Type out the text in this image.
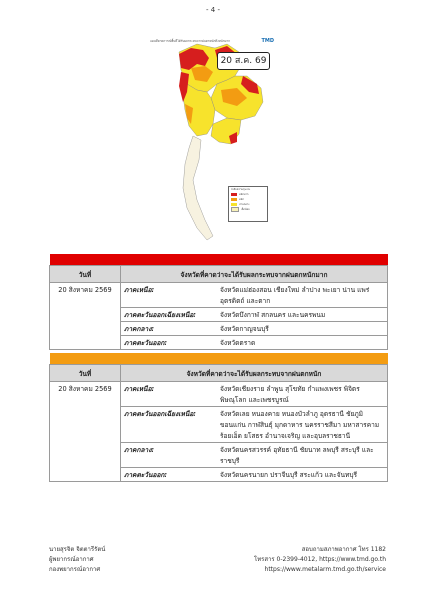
- 4 -
แผนที่คาดการณ์พื้นที่ได้รับผลกระทบจากฝนตกหนักถึงหนักมาก	TMD
20 ส.ค. 69
ระดับความรุนแรง
หนักมาก
หนัก
ปานกลาง
เล็กน้อย

วันที่	จังหวัดที่คาดว่าจะได้รับผลกระทบจากฝนตกหนักมาก	
20 สิงหาคม 2569	ภาคเหนือ:	จังหวัดแม่ฮ่องสอน เชียงใหม่ ลำปาง พะเยา น่าน แพร่ อุตรดิตถ์ และตาก
	ภาคตะวันออกเฉียงเหนือ:	จังหวัดบึงกาฬ สกลนคร และนครพนม
	ภาคกลาง:	จังหวัดกาญจนบุรี
	ภาคตะวันออก:	จังหวัดตราด

วันที่	จังหวัดที่คาดว่าจะได้รับผลกระทบจากฝนตกหนัก	
20 สิงหาคม 2569	ภาคเหนือ:	จังหวัดเชียงราย ลำพูน สุโขทัย กำแพงเพชร พิจิตร พิษณุโลก และเพชรบูรณ์
	ภาคตะวันออกเฉียงเหนือ:	จังหวัดเลย หนองคาย หนองบัวลำภู อุดรธานี ชัยภูมิ ขอนแก่น กาฬสินธุ์ มุกดาหาร นครราชสีมา มหาสารคาม ร้อยเอ็ด ยโสธร อำนาจเจริญ และอุบลราชธานี
	ภาคกลาง:	จังหวัดนครสวรรค์ อุทัยธานี ชัยนาท ลพบุรี สระบุรี และราชบุรี
	ภาคตะวันออก:	จังหวัดนครนายก ปราจีนบุรี สระแก้ว และจันทบุรี
นายสุรจิต จิตตารีรัตน์
ผู้พยากรณ์อากาศ
กองพยากรณ์อากาศ
สอบถามสภาพอากาศ โทร 1182
โทรสาร 0-2399-4012, https://www.tmd.go.th
https://www.metalarm.tmd.go.th/service
